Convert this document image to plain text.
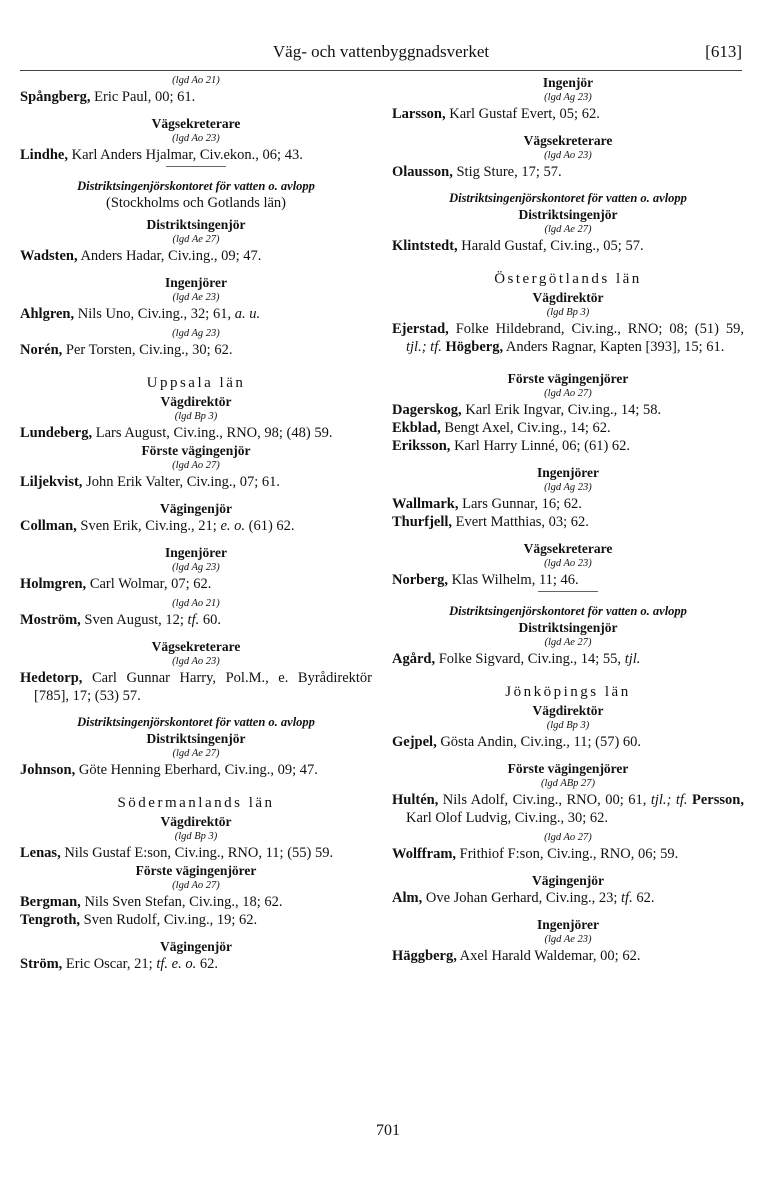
Väg- och vattenbyggnadsverket	[613]
(lgd Ao 21)
Spångberg, Eric Paul, 00; 61.
Vägsekreterare
(lgd Ao 23)
Lindhe, Karl Anders Hjalmar, Civ.ekon., 06; 43.
Distriktsingenjörskontoret för vatten o. avlopp
(Stockholms och Gotlands län)
Distriktsingenjör
(lgd Ae 27)
Wadsten, Anders Hadar, Civ.ing., 09; 47.
Ingenjörer
(lgd Ae 23)
Ahlgren, Nils Uno, Civ.ing., 32; 61, a. u.
(lgd Ag 23)
Norén, Per Torsten, Civ.ing., 30; 62.
Uppsala län
Vägdirektör
(lgd Bp 3)
Lundeberg, Lars August, Civ.ing., RNO, 98; (48) 59.
Förste vägingenjör
(lgd Ao 27)
Liljekvist, John Erik Valter, Civ.ing., 07; 61.
Vägingenjör
Collman, Sven Erik, Civ.ing., 21; e. o. (61) 62.
Ingenjörer
(lgd Ag 23)
Holmgren, Carl Wolmar, 07; 62.
(lgd Ao 21)
Moström, Sven August, 12; tf. 60.
Vägsekreterare
(lgd Ao 23)
Hedetorp, Carl Gunnar Harry, Pol.M., e. Byrådirektör [785], 17; (53) 57.
Distriktsingenjörskontoret för vatten o. avlopp
Distriktsingenjör
(lgd Ae 27)
Johnson, Göte Henning Eberhard, Civ.ing., 09; 47.
Södermanlands län
Vägdirektör
(lgd Bp 3)
Lenas, Nils Gustaf E:son, Civ.ing., RNO, 11; (55) 59.
Förste vägingenjörer
(lgd Ao 27)
Bergman, Nils Sven Stefan, Civ.ing., 18; 62.
Tengroth, Sven Rudolf, Civ.ing., 19; 62.
Vägingenjör
Ström, Eric Oscar, 21; tf. e. o. 62.
Ingenjör
(lgd Ag 23)
Larsson, Karl Gustaf Evert, 05; 62.
Vägsekreterare
(lgd Ao 23)
Olausson, Stig Sture, 17; 57.
Distriktsingenjörskontoret för vatten o. avlopp
Distriktsingenjör
(lgd Ae 27)
Klintstedt, Harald Gustaf, Civ.ing., 05; 57.
Östergötlands län
Vägdirektör
(lgd Bp 3)
Ejerstad, Folke Hildebrand, Civ.ing., RNO; 08; (51) 59, tjl.; tf. Högberg, Anders Ragnar, Kapten [393], 15; 61.
Förste vägingenjörer
(lgd Ao 27)
Dagerskog, Karl Erik Ingvar, Civ.ing., 14; 58.
Ekblad, Bengt Axel, Civ.ing., 14; 62.
Eriksson, Karl Harry Linné, 06; (61) 62.
Ingenjörer
(lgd Ag 23)
Wallmark, Lars Gunnar, 16; 62.
Thurfjell, Evert Matthias, 03; 62.
Vägsekreterare
(lgd Ao 23)
Norberg, Klas Wilhelm, 11; 46.
Distriktsingenjörskontoret för vatten o. avlopp
Distriktsingenjör
(lgd Ae 27)
Agård, Folke Sigvard, Civ.ing., 14; 55, tjl.
Jönköpings län
Vägdirektör
(lgd Bp 3)
Gejpel, Gösta Andin, Civ.ing., 11; (57) 60.
Förste vägingenjörer
(lgd ABp 27)
Hultén, Nils Adolf, Civ.ing., RNO, 00; 61, tjl.; tf. Persson, Karl Olof Ludvig, Civ.ing., 30; 62.
(lgd Ao 27)
Wolffram, Frithiof F:son, Civ.ing., RNO, 06; 59.
Vägingenjör
Alm, Ove Johan Gerhard, Civ.ing., 23; tf. 62.
Ingenjörer
(lgd Ae 23)
Häggberg, Axel Harald Waldemar, 00; 62.
701
